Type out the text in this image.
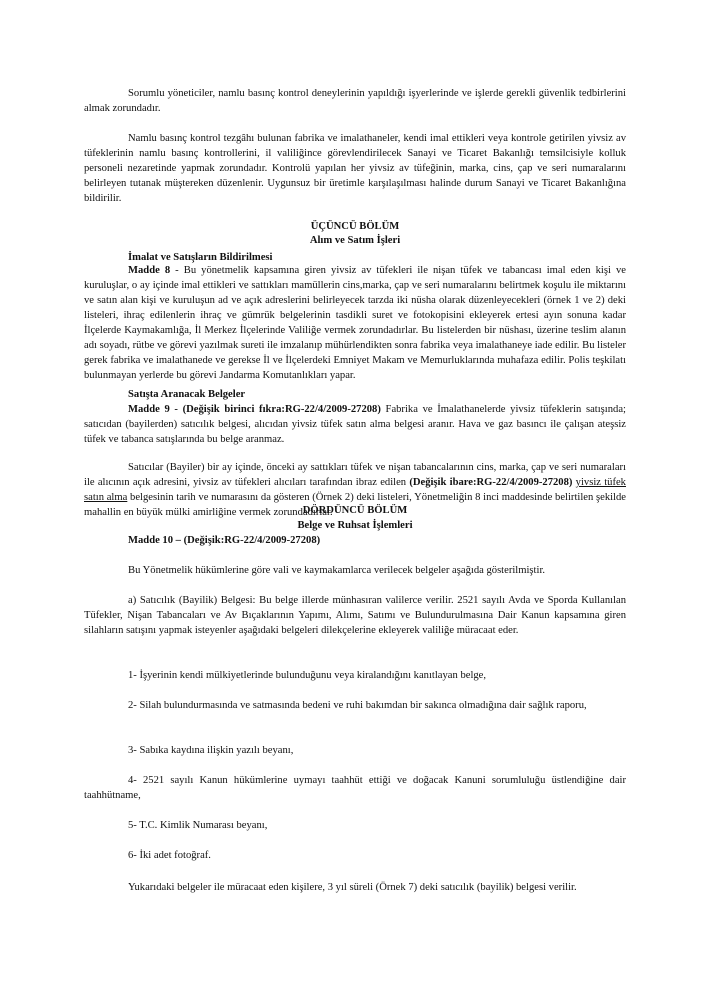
Sorumlu yöneticiler, namlu basınç kontrol deneylerinin yapıldığı işyerlerinde ve işlerde gerekli güvenlik tedbirlerini almak zorundadır.

Namlu basınç kontrol tezgâhı bulunan fabrika ve imalathaneler, kendi imal ettikleri veya kontrole getirilen yivsiz av tüfeklerinin namlu basınç kontrollerini, il valiliğince görevlendirilecek Sanayi ve Ticaret Bakanlığı temsilcisiyle kolluk personeli nezaretinde yapmak zorundadır. Kontrolü yapılan her yivsiz av tüfeğinin, marka, cins, çap ve seri numaralarını belirleyen tutanak müştereken düzenlenir. Uygunsuz bir üretimle karşılaşılması halinde durum Sanayi ve Ticaret Bakanlığına bildirilir.

ÜÇÜNCÜ BÖLÜM

Alım ve Satım İşleri

İmalat ve Satışların Bildirilmesi

Madde 8 - Bu yönetmelik kapsamına giren yivsiz av tüfekleri ile nişan tüfek ve tabancası imal eden kişi ve kuruluşlar, o ay içinde imal ettikleri ve sattıkları mamüllerin cins,marka, çap ve seri numaralarını belirtmek koşulu ile miktarını ve satın alan kişi ve kuruluşun ad ve açık adreslerini belirleyecek tarzda iki nüsha olarak düzenleyecekleri (örnek 1 ve 2) deki listeleri, ihraç edilenlerin ihraç ve gümrük belgelerinin tasdikli suret ve fotokopisini ekleyerek ertesi ayın sonuna kadar İlçelerde Kaymakamlığa, İl Merkez İlçelerinde Valiliğe vermek zorundadırlar. Bu listelerden bir nüshası, üzerine teslim alanın adı soyadı, rütbe ve görevi yazılmak sureti ile imzalanıp mühürlendikten sonra fabrika veya imalathaneye iade edilir. Bu listeler gerek fabrika ve imalathanede ve gerekse İl ve İlçelerdeki Emniyet Makam ve Memurluklarında muhafaza edilir. Polis teşkilatı bulunmayan yerlerde bu görevi Jandarma Komutanlıkları yapar.

Satışta Aranacak Belgeler

Madde 9 - (Değişik birinci fıkra:RG-22/4/2009-27208) Fabrika ve İmalathanelerde yivsiz tüfeklerin satışında; satıcıdan (bayilerden) satıcılık belgesi, alıcıdan yivsiz tüfek satın alma belgesi aranır. Hava ve gaz basıncı ile çalışan ateşsiz tüfek ve tabanca satışlarında bu belge aranmaz.

Satıcılar (Bayiler) bir ay içinde, önceki ay sattıkları tüfek ve nişan tabancalarının cins, marka, çap ve seri numaraları ile alıcının açık adresini, yivsiz av tüfekleri alıcıları tarafından ibraz edilen (Değişik ibare:RG-22/4/2009-27208) yivsiz tüfek satın alma belgesinin tarih ve numarasını da gösteren (Örnek 2) deki listeleri, Yönetmeliğin 8 inci maddesinde belirtilen şekilde mahallin en büyük mülki amirliğine vermek zorundadırlar.

DÖRDÜNCÜ BÖLÜM

Belge ve Ruhsat İşlemleri

Madde 10 – (Değişik:RG-22/4/2009-27208)

Bu Yönetmelik hükümlerine göre vali ve kaymakamlarca verilecek belgeler aşağıda gösterilmiştir.

a) Satıcılık (Bayilik) Belgesi: Bu belge illerde münhasıran valilerce verilir. 2521 sayılı Avda ve Sporda Kullanılan Tüfekler, Nişan Tabancaları ve Av Bıçaklarının Yapımı, Alımı, Satımı ve Bulundurulmasına Dair Kanun kapsamına giren silahların satışını yapmak isteyenler aşağıdaki belgeleri dilekçelerine ekleyerek valiliğe müracaat eder.

1- İşyerinin kendi mülkiyetlerinde bulunduğunu veya kiralandığını kanıtlayan belge,

2- Silah bulundurmasında ve satmasında bedeni ve ruhi bakımdan bir sakınca olmadığına dair sağlık raporu,

3- Sabıka kaydına ilişkin yazılı beyanı,

4- 2521 sayılı Kanun hükümlerine uymayı taahhüt ettiği ve doğacak Kanuni sorumluluğu üstlendiğine dair taahhütname,

5- T.C. Kimlik Numarası beyanı,

6- İki adet fotoğraf.

Yukarıdaki belgeler ile müracaat eden kişilere, 3 yıl süreli (Örnek 7) deki satıcılık (bayilik) belgesi verilir.
